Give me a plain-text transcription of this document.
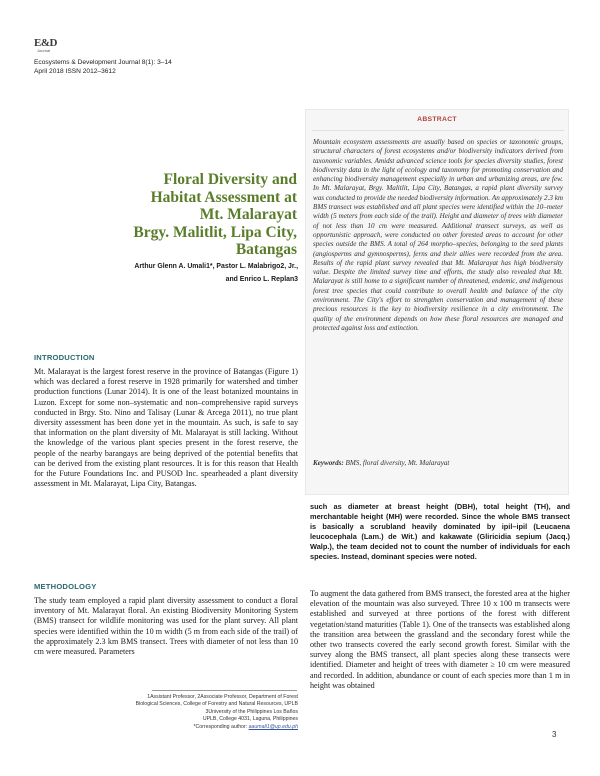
E&D
Journal
Ecosystems & Development Journal 8(1): 3–14
April 2018 ISSN 2012–3612
Floral Diversity and
Habitat Assessment at
Mt. Malarayat
Brgy. Malitlit, Lipa City,
Batangas
Arthur Glenn A. Umali1*, Pastor L. Malabrigo2, Jr.,
and Enrico L. Replan3
ABSTRACT
Mountain ecosystem assessments are usually based on species or taxonomic groups, structural characters of forest ecosystems and/or biodiversity indicators derived from taxonomic variables. Amidst advanced science tools for species diversity studies, forest biodiversity data in the light of ecology and taxonomy for promoting conservation and enhancing biodiversity management especially in urban and urbanizing areas, are few. In Mt. Malarayat, Brgy. Malitlit, Lipa City, Batangas, a rapid plant diversity survey was conducted to provide the needed biodiversity information. An approximately 2.3 km BMS transect was established and all plant species were identified within the 10–meter width (5 meters from each side of the trail). Height and diameter of trees with diameter of not less than 10 cm were measured. Additional transect surveys, as well as opportunistic approach, were conducted on other forested areas to account for other species outside the BMS. A total of 264 morpho–species, belonging to the seed plants (angiosperms and gymnosperms), ferns and their allies were recorded from the area. Results of the rapid plant survey revealed that Mt. Malarayat has high biodiversity value. Despite the limited survey time and efforts, the study also revealed that Mt. Malarayat is still home to a significant number of threatened, endemic, and indigenous forest tree species that could contribute to overall health and balance of the city environment. The City's effort to strengthen conservation and management of these precious resources is the key to biodiversity resilience in a city environment. The quality of the environment depends on how these floral resources are managed and protected against loss and extinction.
Keywords: BMS, floral diversity, Mt. Malarayat
INTRODUCTION
Mt. Malarayat is the largest forest reserve in the province of Batangas (Figure 1) which was declared a forest reserve in 1928 primarily for watershed and timber production functions (Lunar 2014). It is one of the least botanized mountains in Luzon. Except for some non–systematic and non–comprehensive rapid surveys conducted in Brgy. Sto. Nino and Talisay (Lunar & Arcega 2011), no true plant diversity assessment has been done yet in the mountain. As such, is safe to say that information on the plant diversity of Mt. Malarayat is still lacking. Without the knowledge of the various plant species present in the forest reserve, the people of the nearby barangays are being deprived of the potential benefits that can be derived from the existing plant resources. It is for this reason that Health for the Future Foundations Inc. and PUSOD Inc. spearheaded a plant diversity assessment in Mt. Malarayat, Lipa City, Batangas.
METHODOLOGY
The study team employed a rapid plant diversity assessment to conduct a floral inventory of Mt. Malarayat floral. An existing Biodiversity Monitoring System (BMS) transect for wildlife monitoring was used for the plant survey. All plant species were identified within the 10 m width (5 m from each side of the trail) of the approximately 2.3 km BMS transect. Trees with diameter of not less than 10 cm were measured. Parameters
such as diameter at breast height (DBH), total height (TH), and merchantable height (MH) were recorded. Since the whole BMS transect is basically a scrubland heavily dominated by ipil–ipil (Leucaena leucocephala (Lam.) de Wit.) and kakawate (Gliricidia sepium (Jacq.) Walp.), the team decided not to count the number of individuals for each species. Instead, dominant species were noted.
To augment the data gathered from BMS transect, the forested area at the higher elevation of the mountain was also surveyed. Three 10 x 100 m transects were established and surveyed at three portions of the forest with different vegetation/stand maturities (Table 1). One of the transects was established along the transition area between the grassland and the secondary forest while the other two transects covered the early second growth forest. Similar with the survey along the BMS transect, all plant species along these transects were identified. Diameter and height of trees with diameter ≥ 10 cm were measured and recorded. In addition, abundance or count of each species more than 1 m in height was obtained
1Assistant Professor, 2Associate Professor, Department of Forest
Biological Sciences, College of Forestry and Natural Resources, UPLB
3University of the Philippines Los Baños
UPLB, College 4031, Laguna, Philippines
*Corresponding author: aaumali1@up.edu.ph
3
